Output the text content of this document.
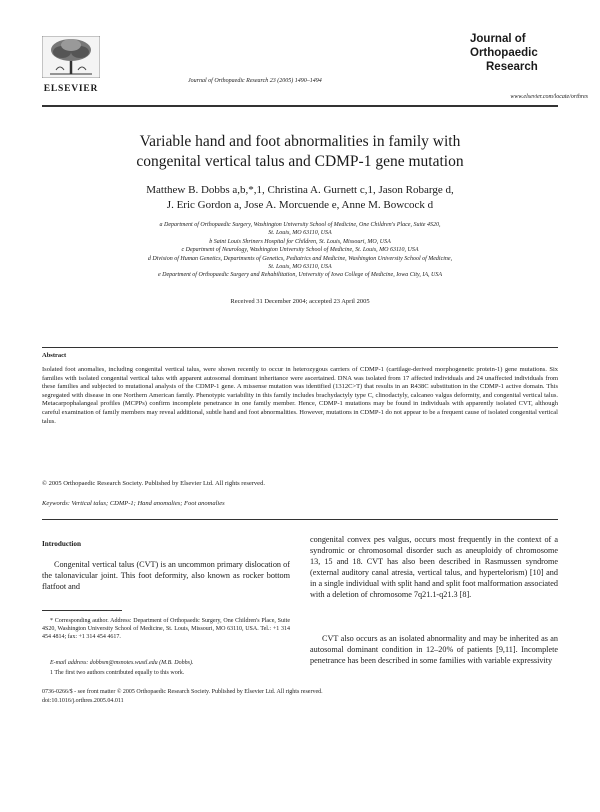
ELSEVIER
Journal of Orthopaedic Research 23 (2005) 1490–1494
Journal of
Orthopaedic
Research
www.elsevier.com/locate/orthres
Variable hand and foot abnormalities in family with
congenital vertical talus and CDMP-1 gene mutation
Matthew B. Dobbs a,b,*,1, Christina A. Gurnett c,1, Jason Robarge d,
J. Eric Gordon a, Jose A. Morcuende e, Anne M. Bowcock d
a Department of Orthopaedic Surgery, Washington University School of Medicine, One Children's Place, Suite 4S20,
St. Louis, MO 63110, USA
b Saint Louis Shriners Hospital for Children, St. Louis, Missouri, MO, USA
c Department of Neurology, Washington University School of Medicine, St. Louis, MO 63110, USA
d Division of Human Genetics, Departments of Genetics, Pediatrics and Medicine, Washington University School of Medicine,
St. Louis, MO 63110, USA
e Department of Orthopaedic Surgery and Rehabilitation, University of Iowa College of Medicine, Iowa City, IA, USA
Received 31 December 2004; accepted 23 April 2005
Abstract
Isolated foot anomalies, including congenital vertical talus, were shown recently to occur in heterozygous carriers of CDMP-1 (cartilage-derived morphogenetic protein-1) gene mutations. Six families with isolated congenital vertical talus with apparent autosomal dominant inheritance were ascertained. DNA was isolated from 17 affected individuals and 24 unaffected individuals from these families and subjected to mutational analysis of the CDMP-1 gene. A missense mutation was identified (1312C>T) that results in an R438C substitution in the CDMP-1 active domain. This segregated with disease in one Northern American family. Phenotypic variability in this family includes brachydactyly type C, clinodactyly, calcaneo valgus deformity, and congenital vertical talus. Metacarpophalangeal profiles (MCPPs) confirm incomplete penetrance in one family member. Hence, CDMP-1 mutations may be found in individuals with apparently isolated CVT, although careful examination of family members may reveal additional, subtle hand and foot abnormalities. However, mutations in CDMP-1 do not appear to be a frequent cause of isolated congenital vertical talus.
© 2005 Orthopaedic Research Society. Published by Elsevier Ltd. All rights reserved.
Keywords: Vertical talus; CDMP-1; Hand anomalies; Foot anomalies
Introduction
Congenital vertical talus (CVT) is an uncommon primary dislocation of the talonavicular joint. This foot deformity, also known as rocker bottom flatfoot and
* Corresponding author. Address: Department of Orthopaedic Surgery, One Children's Place, Suite 4S20, Washington University School of Medicine, St. Louis, Missouri, MO 63110, USA. Tel.: +1 314 454 4814; fax: +1 314 454 4617.
E-mail address: dobbsm@msnotes.wustl.edu (M.B. Dobbs).
1 The first two authors contributed equally to this work.
congenital convex pes valgus, occurs most frequently in the context of a syndromic or chromosomal disorder such as aneuploidy of chromosome 13, 15 and 18. CVT has also been described in Rasmussen syndrome (external auditory canal atresia, vertical talus, and hypertelorism) [10] and in a single individual with split hand and split foot malformation associated with a deletion of chromosome 7q21.1-q21.3 [8].
CVT also occurs as an isolated abnormality and may be inherited as an autosomal dominant condition in 12–20% of patients [9,11]. Incomplete penetrance has been described in some families with variable expressivity
0736-0266/$ - see front matter © 2005 Orthopaedic Research Society. Published by Elsevier Ltd. All rights reserved.
doi:10.1016/j.orthres.2005.04.011
